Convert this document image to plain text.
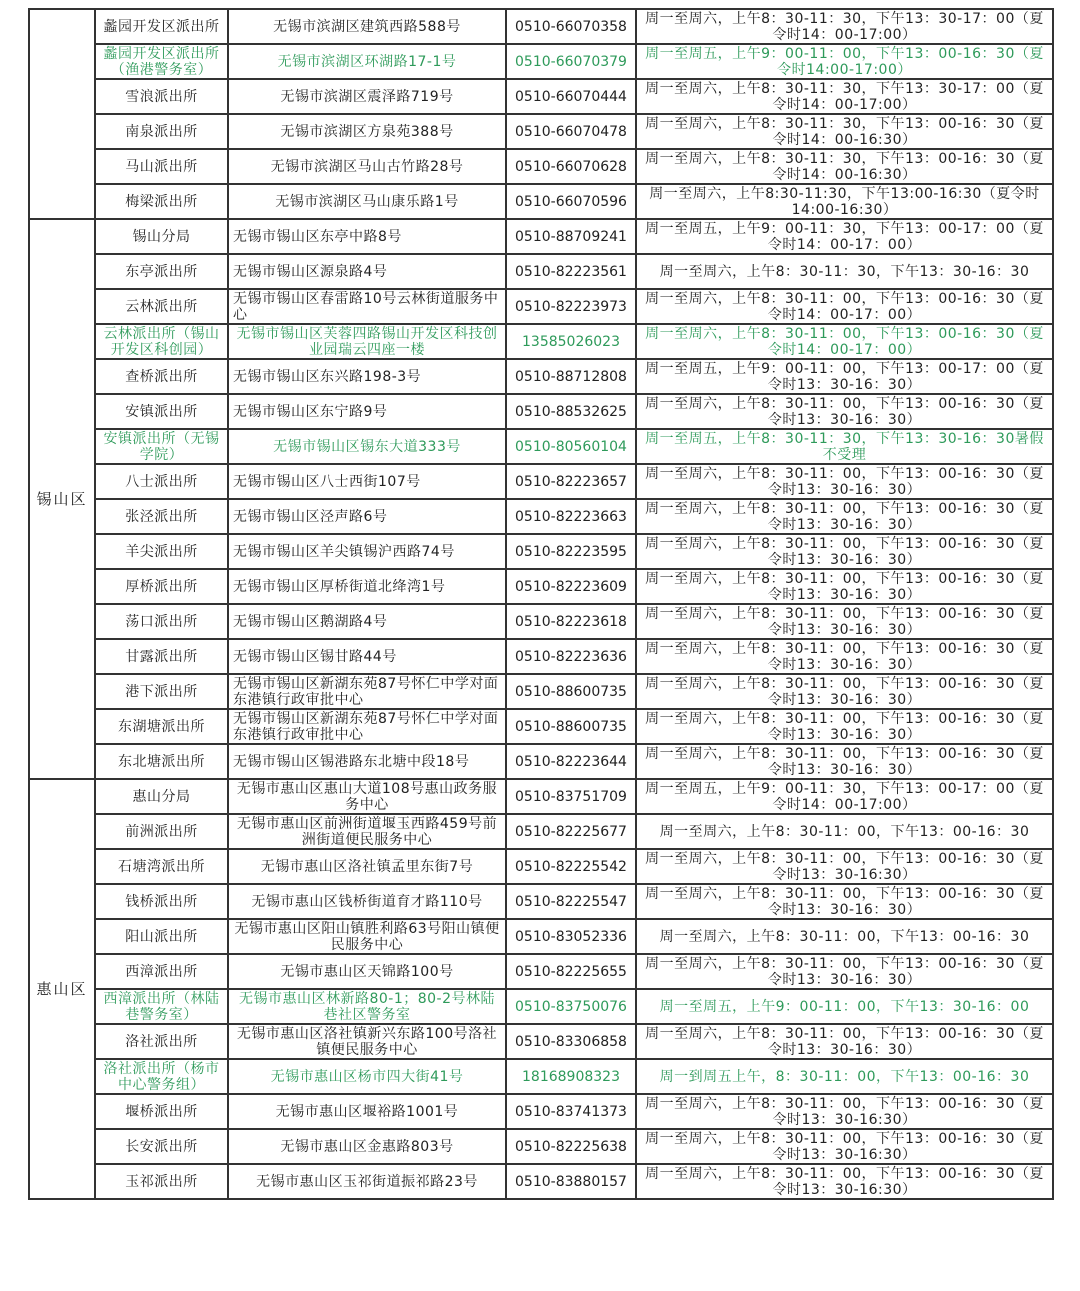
	蠡园开发区派出所	无锡市滨湖区建筑西路588号	0510-66070358	周一至周六，上午8：30-11：30，下午13：30-17：00（夏令时14：00-17:00）
	蠡园开发区派出所（渔港警务室）	无锡市滨湖区环湖路17-1号	0510-66070379	周一至周五，上午9：00-11：00，下午13：00-16：30（夏令时14:00-17:00）
	雪浪派出所	无锡市滨湖区震泽路719号	0510-66070444	周一至周六，上午8：30-11：30，下午13：30-17：00（夏令时14：00-17:00）
	南泉派出所	无锡市滨湖区方泉苑388号	0510-66070478	周一至周六，上午8：30-11：30，下午13：00-16：30（夏令时14：00-16:30）
	马山派出所	无锡市滨湖区马山古竹路28号	0510-66070628	周一至周六，上午8：30-11：30，下午13：00-16：30（夏令时14：00-16:30）
	梅梁派出所	无锡市滨湖区马山康乐路1号	0510-66070596	周一至周六，上午8:30-11:30，下午13:00-16:30（夏令时14:00-16:30）
锡山区	锡山分局	无锡市锡山区东亭中路8号	0510-88709241	周一至周五，上午9：00-11：30，下午13：00-17：00（夏令时14：00-17：00）
	东亭派出所	无锡市锡山区源泉路4号	0510-82223561	周一至周六，上午8：30-11：30，下午13：30-16：30
	云林派出所	无锡市锡山区春雷路10号云林街道服务中心	0510-82223973	周一至周六，上午8：30-11：00，下午13：00-16：30（夏令时14：00-17：00）
	云林派出所（锡山开发区科创园）	无锡市锡山区芙蓉四路锡山开发区科技创业园瑞云四座一楼	13585026023	周一至周六，上午8：30-11：00，下午13：00-16：30（夏令时14：00-17：00）
	查桥派出所	无锡市锡山区东兴路198-3号	0510-88712808	周一至周五，上午9：00-11：00，下午13：00-17：00（夏令时13：30-16：30）
	安镇派出所	无锡市锡山区东宁路9号	0510-88532625	周一至周六，上午8：30-11：00，下午13：00-16：30（夏令时13：30-16：30）
	安镇派出所（无锡学院）	无锡市锡山区锡东大道333号	0510-80560104	周一至周五，上午8：30-11：30，下午13：30-16：30暑假不受理
	八士派出所	无锡市锡山区八士西街107号	0510-82223657	周一至周六，上午8：30-11：00，下午13：00-16：30（夏令时13：30-16：30）
	张泾派出所	无锡市锡山区泾声路6号	0510-82223663	周一至周六，上午8：30-11：00，下午13：00-16：30（夏令时13：30-16：30）
	羊尖派出所	无锡市锡山区羊尖镇锡沪西路74号	0510-82223595	周一至周六，上午8：30-11：00，下午13：00-16：30（夏令时13：30-16：30）
	厚桥派出所	无锡市锡山区厚桥街道北绛湾1号	0510-82223609	周一至周六，上午8：30-11：00，下午13：00-16：30（夏令时13：30-16：30）
	荡口派出所	无锡市锡山区鹅湖路4号	0510-82223618	周一至周六，上午8：30-11：00，下午13：00-16：30（夏令时13：30-16：30）
	甘露派出所	无锡市锡山区锡甘路44号	0510-82223636	周一至周六，上午8：30-11：00，下午13：00-16：30（夏令时13：30-16：30）
	港下派出所	无锡市锡山区新湖东苑87号怀仁中学对面东港镇行政审批中心	0510-88600735	周一至周六，上午8：30-11：00，下午13：00-16：30（夏令时13：30-16：30）
	东湖塘派出所	无锡市锡山区新湖东苑87号怀仁中学对面东港镇行政审批中心	0510-88600735	周一至周六，上午8：30-11：00，下午13：00-16：30（夏令时13：30-16：30）
	东北塘派出所	无锡市锡山区锡港路东北塘中段18号	0510-82223644	周一至周六，上午8：30-11：00，下午13：00-16：30（夏令时13：30-16：30）
惠山区	惠山分局	无锡市惠山区惠山大道108号惠山政务服务中心	0510-83751709	周一至周五，上午9：00-11：30，下午13：00-17：00（夏令时14：00-17:00）
	前洲派出所	无锡市惠山区前洲街道堰玉西路459号前洲街道便民服务中心	0510-82225677	周一至周六，上午8：30-11：00，下午13：00-16：30
	石塘湾派出所	无锡市惠山区洛社镇孟里东街7号	0510-82225542	周一至周六，上午8：30-11：00，下午13：00-16：30（夏令时13：30-16:30）
	钱桥派出所	无锡市惠山区钱桥街道育才路110号	0510-82225547	周一至周六，上午8：30-11：00，下午13：00-16：30（夏令时13：30-16：30）
	阳山派出所	无锡市惠山区阳山镇胜利路63号阳山镇便民服务中心	0510-83052336	周一至周六，上午8：30-11：00，下午13：00-16：30
	西漳派出所	无锡市惠山区天锦路100号	0510-82225655	周一至周六，上午8：30-11：00，下午13：00-16：30（夏令时13：30-16：30）
	西漳派出所（林陆巷警务室）	无锡市惠山区林新路80-1；80-2号林陆巷社区警务室	0510-83750076	周一至周五，上午9：00-11：00，下午13：30-16：00
	洛社派出所	无锡市惠山区洛社镇新兴东路100号洛社镇便民服务中心	0510-83306858	周一至周六，上午8：30-11：00，下午13：00-16：30（夏令时13：30-16：30）
	洛社派出所（杨市中心警务组）	无锡市惠山区杨市四大街41号	18168908323	周一到周五上午，8：30-11：00，下午13：00-16：30
	堰桥派出所	无锡市惠山区堰裕路1001号	0510-83741373	周一至周六，上午8：30-11：00，下午13：00-16：30（夏令时13：30-16:30）
	长安派出所	无锡市惠山区金惠路803号	0510-82225638	周一至周六，上午8：30-11：00，下午13：00-16：30（夏令时13：30-16:30）
	玉祁派出所	无锡市惠山区玉祁街道振祁路23号	0510-83880157	周一至周六，上午8：30-11：00，下午13：00-16：30（夏令时13：30-16:30）
